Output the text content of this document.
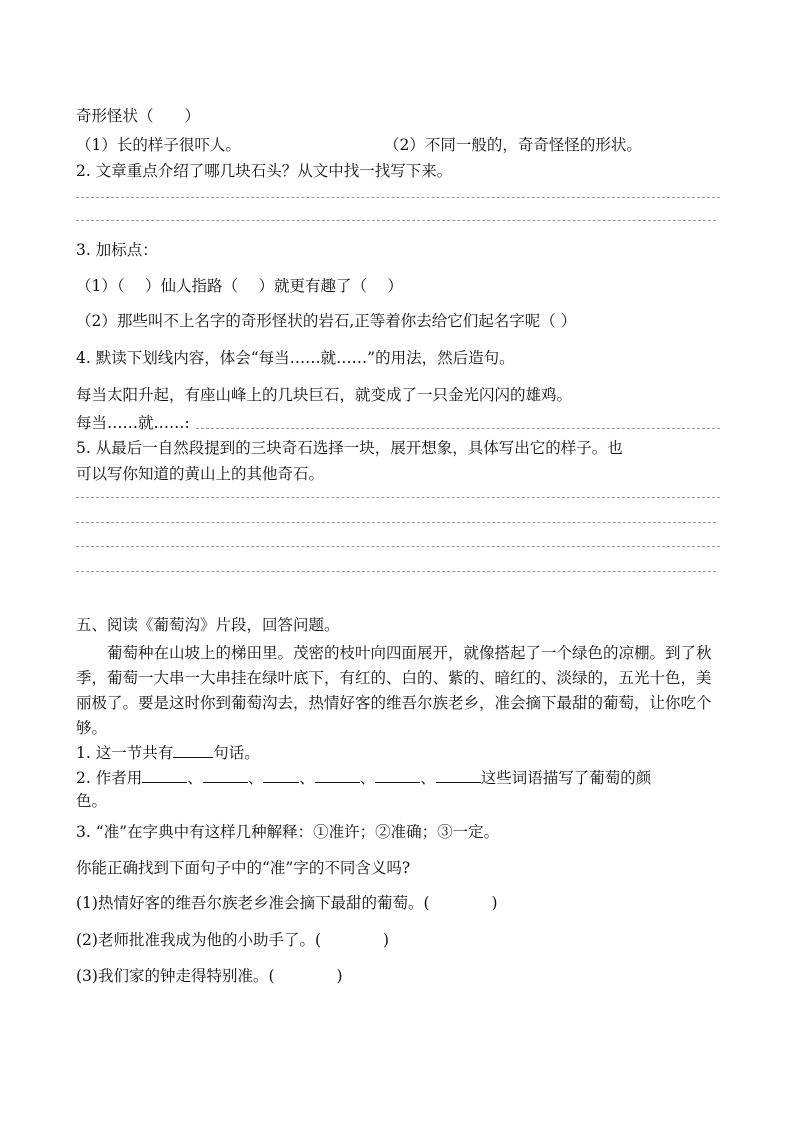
奇形怪状（　　）
（1）长的样子很吓人。	（2）不同一般的，奇奇怪怪的形状。
2. 文章重点介绍了哪几块石头？从文中找一找写下来。
3. 加标点：
（1）（　 ）仙人指路（　 ）就更有趣了（　 ）
（2）那些叫不上名字的奇形怪状的岩石,正等着你去给它们起名字呢（ ）
4. 默读下划线内容，体会“每当……就……”的用法，然后造句。
每当太阳升起，有座山峰上的几块巨石，就变成了一只金光闪闪的雄鸡。
每当……就……:
5. 从最后一自然段提到的三块奇石选择一块，展开想象，具体写出它的样子。也
可以写你知道的黄山上的其他奇石。
五、阅读《葡萄沟》片段，回答问题。
葡萄种在山坡上的梯田里。茂密的枝叶向四面展开，就像搭起了一个绿色的凉棚。到了秋季，葡萄一大串一大串挂在绿叶底下，有红的、白的、紫的、暗红的、淡绿的，五光十色，美丽极了。要是这时你到葡萄沟去，热情好客的维吾尔族老乡，准会摘下最甜的葡萄，让你吃个够。
1. 这一节共有	句话。
2. 作者用	、	、 、	、	、	这些词语描写了葡萄的颜
色。
3. “准”在字典中有这样几种解释：①准许；②准确；③一定。
你能正确找到下面句子中的“准”字的不同含义吗?
(1)热情好客的维吾尔族老乡准会摘下最甜的葡萄。(　　　　)
(2)老师批准我成为他的小助手了。(　　　　)
(3)我们家的钟走得特别准。(　　　　)
